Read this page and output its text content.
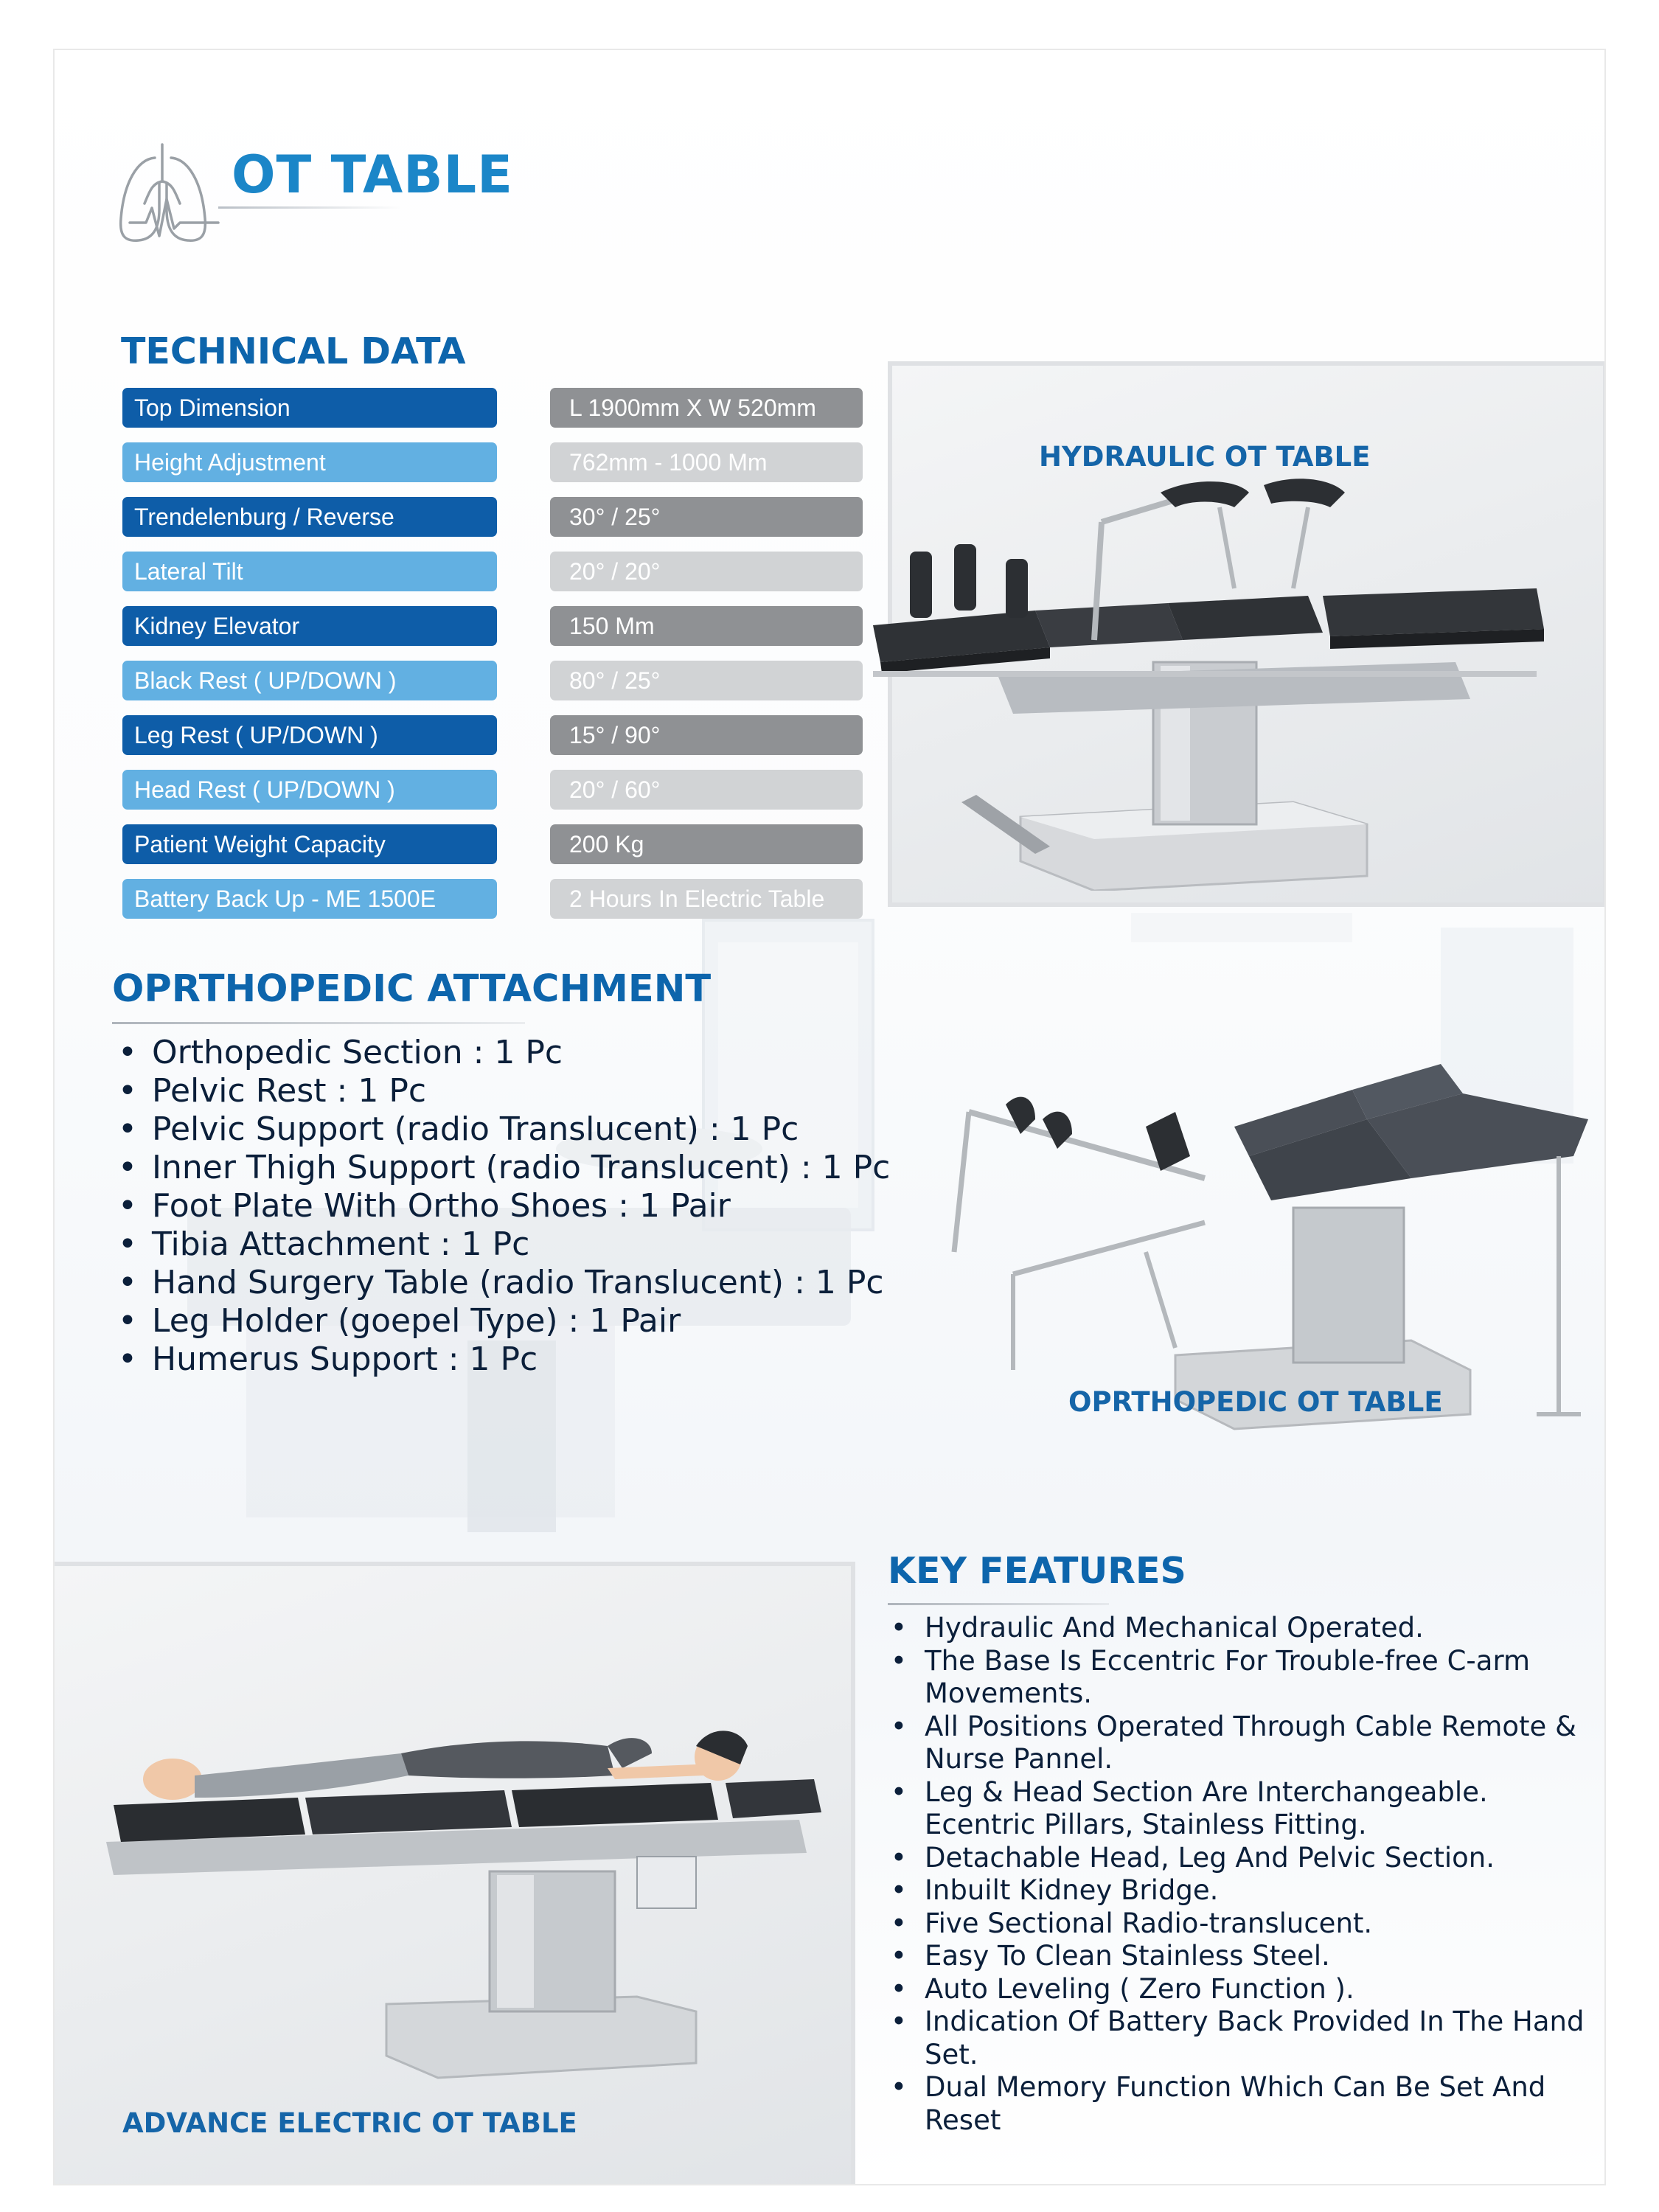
OT TABLE
TECHNICAL DATA
Top Dimension	L 1900mm X W 520mm
Height Adjustment	762mm - 1000 Mm
Trendelenburg / Reverse	30° / 25°
Lateral Tilt	20° / 20°
Kidney Elevator	150 Mm
Black Rest ( UP/DOWN )	80° / 25°
Leg Rest ( UP/DOWN )	15° / 90°
Head Rest ( UP/DOWN )	20° / 60°
Patient Weight Capacity	200 Kg
Battery Back Up - ME 1500E	2 Hours In Electric Table
HYDRAULIC OT TABLE
OPRTHOPEDIC ATTACHMENT
• Orthopedic Section : 1 Pc
• Pelvic Rest : 1 Pc
• Pelvic Support (radio Translucent) : 1 Pc
• Inner Thigh Support (radio Translucent) : 1 Pc
• Foot Plate With Ortho Shoes : 1 Pair
• Tibia Attachment : 1 Pc
• Hand Surgery Table (radio Translucent) : 1 Pc
• Leg Holder (goepel Type) : 1 Pair
• Humerus Support : 1 Pc
OPRTHOPEDIC OT TABLE
ADVANCE ELECTRIC OT TABLE
KEY FEATURES
• Hydraulic And Mechanical Operated.
• The Base Is Eccentric For Trouble-free C-arm Movements.
• All Positions Operated Through Cable Remote & Nurse Pannel.
• Leg & Head Section Are Interchangeable. Ecentric Pillars, Stainless Fitting.
• Detachable Head, Leg And Pelvic Section.
• Inbuilt Kidney Bridge.
• Five Sectional Radio-translucent.
• Easy To Clean Stainless Steel.
• Auto Leveling ( Zero Function ).
• Indication Of Battery Back Provided In The Hand Set.
• Dual Memory Function Which Can Be Set And Reset
